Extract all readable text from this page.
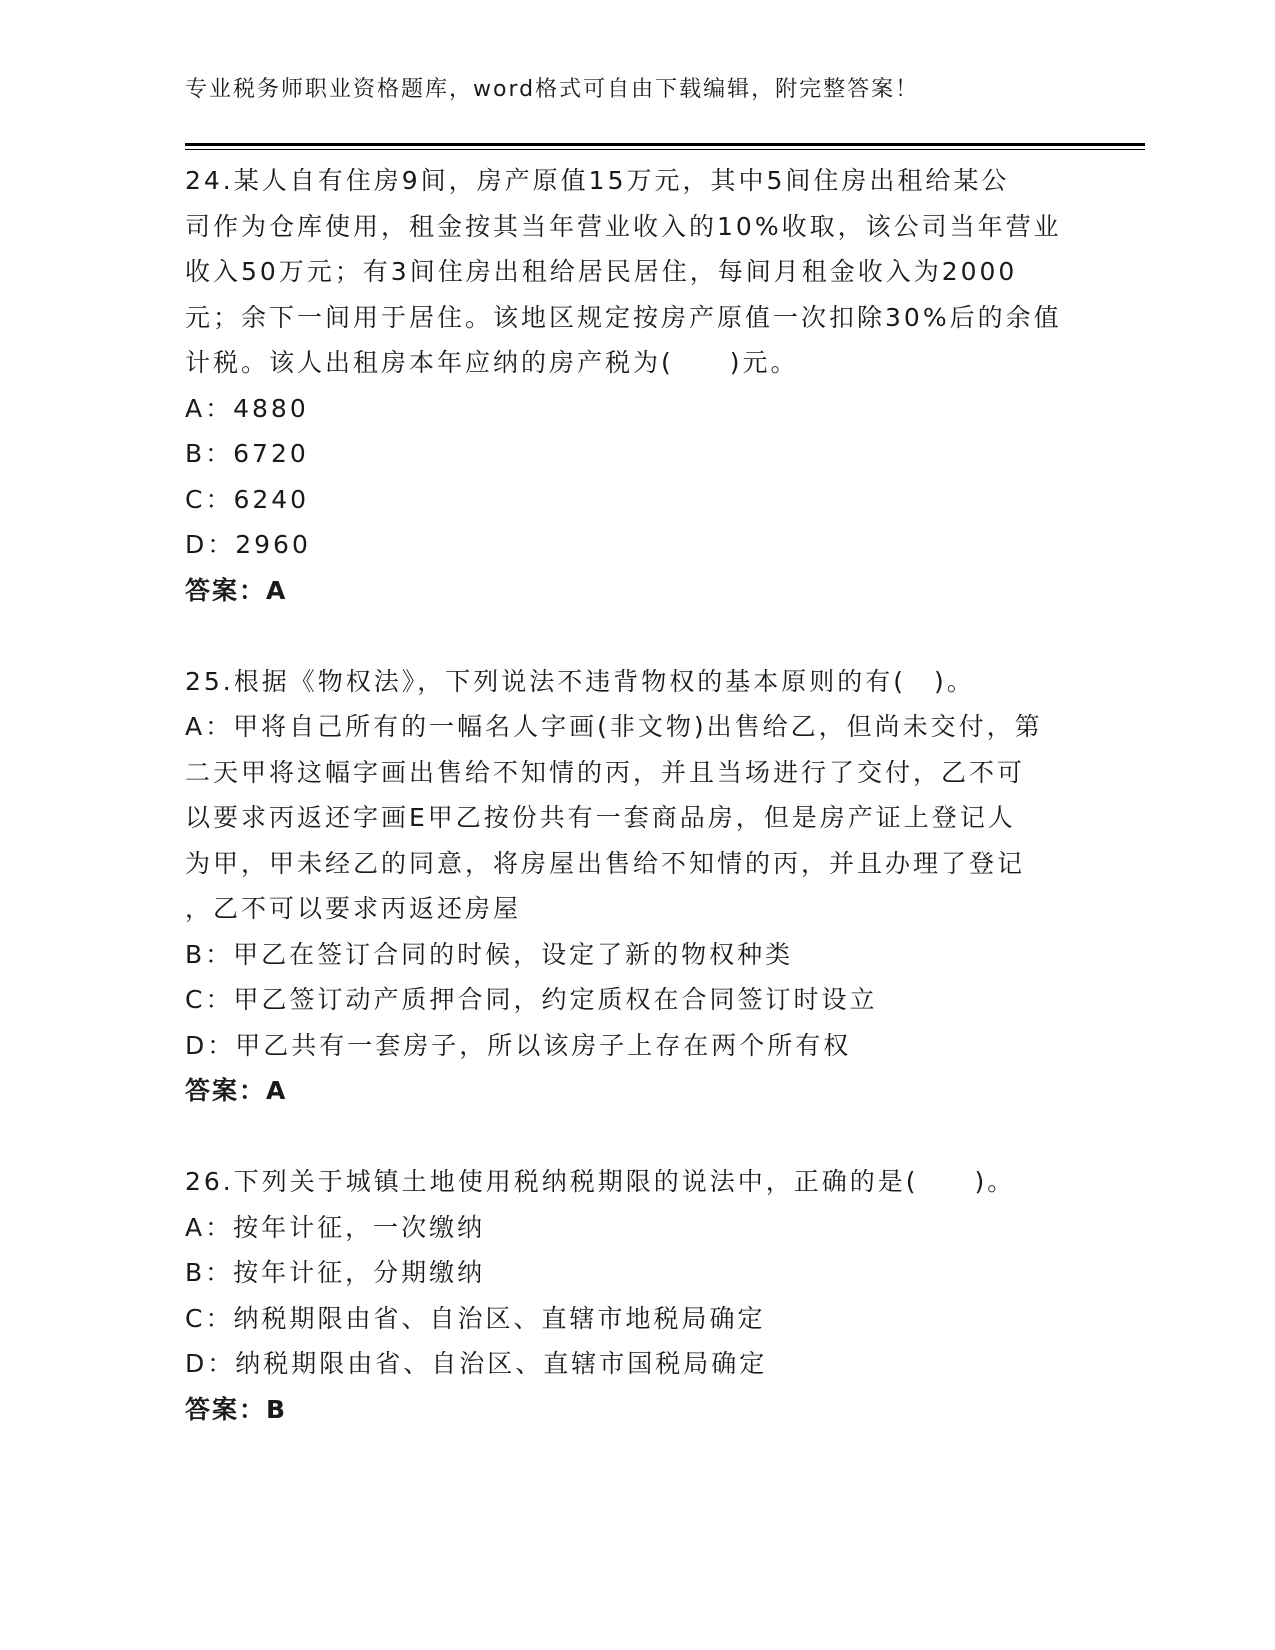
专业税务师职业资格题库，word格式可自由下载编辑，附完整答案！

24.某人自有住房9间，房产原值15万元，其中5间住房出租给某公

司作为仓库使用，租金按其当年营业收入的10%收取，该公司当年营业

收入50万元；有3间住房出租给居民居住，每间月租金收入为2000

元；余下一间用于居住。该地区规定按房产原值一次扣除30%后的余值

计税。该人出租房本年应纳的房产税为(　　)元。

A：4880

B：6720

C：6240

D：2960

答案：A

25.根据《物权法》，下列说法不违背物权的基本原则的有(　)。

A：甲将自己所有的一幅名人字画(非文物)出售给乙，但尚未交付，第

二天甲将这幅字画出售给不知情的丙，并且当场进行了交付，乙不可

以要求丙返还字画E甲乙按份共有一套商品房，但是房产证上登记人

为甲，甲未经乙的同意，将房屋出售给不知情的丙，并且办理了登记

，乙不可以要求丙返还房屋

B：甲乙在签订合同的时候，设定了新的物权种类

C：甲乙签订动产质押合同，约定质权在合同签订时设立

D：甲乙共有一套房子，所以该房子上存在两个所有权

答案：A

26.下列关于城镇土地使用税纳税期限的说法中，正确的是(　　)。

A：按年计征，一次缴纳

B：按年计征，分期缴纳

C：纳税期限由省、自治区、直辖市地税局确定

D：纳税期限由省、自治区、直辖市国税局确定

答案：B
